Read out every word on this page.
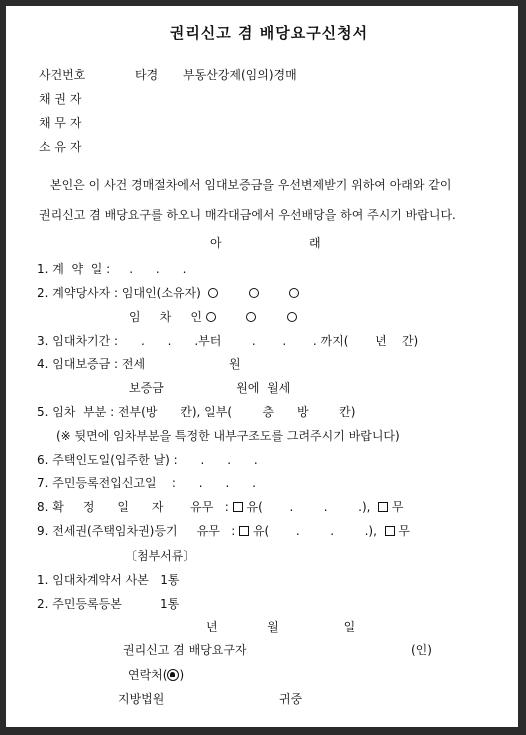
권리신고 겸 배당요구신청서
사건번호	타경 부동산강제(임의)경매
채 권 자
채 무 자
소 유 자
본인은 이 사건 경매절차에서 임대보증금을 우선변제받기 위하여 아래와 같이
권리신고 겸 배당요구를 하오니 매각대금에서 우선배당을 하여 주시기 바랍니다.
아	래
1. 계  약  일 :     .      .      .
2. 계약당사자 : 임대인(소유자)
임     차     인
3. 임대차기간 :      .      .      .부터        .       .       . 까지(       년    간)
4. 임대보증금 : 전세                      원
보증금                   원에  월세
5. 임차  부분 : 전부(방      칸), 일부(        층      방        칸)
(※ 뒷면에 임차부분을 특정한 내부구조도를 그려주시기 바랍니다)
6. 주택인도일(입주한 날) :      .      .      .
7. 주민등록전입신고일    :      .      .      .
8. 확     정      일      자       유무   :  유(       .        .        .),   무
9. 전세권(주택임차권)등기     유무   :  유(       .        .        .),   무
〔첨부서류〕
1. 임대차계약서 사본   1통
2. 주민등록등본          1통
년             월                 일
권리신고 겸 배당요구자	(인)
연락처( )
지방법원	귀중
